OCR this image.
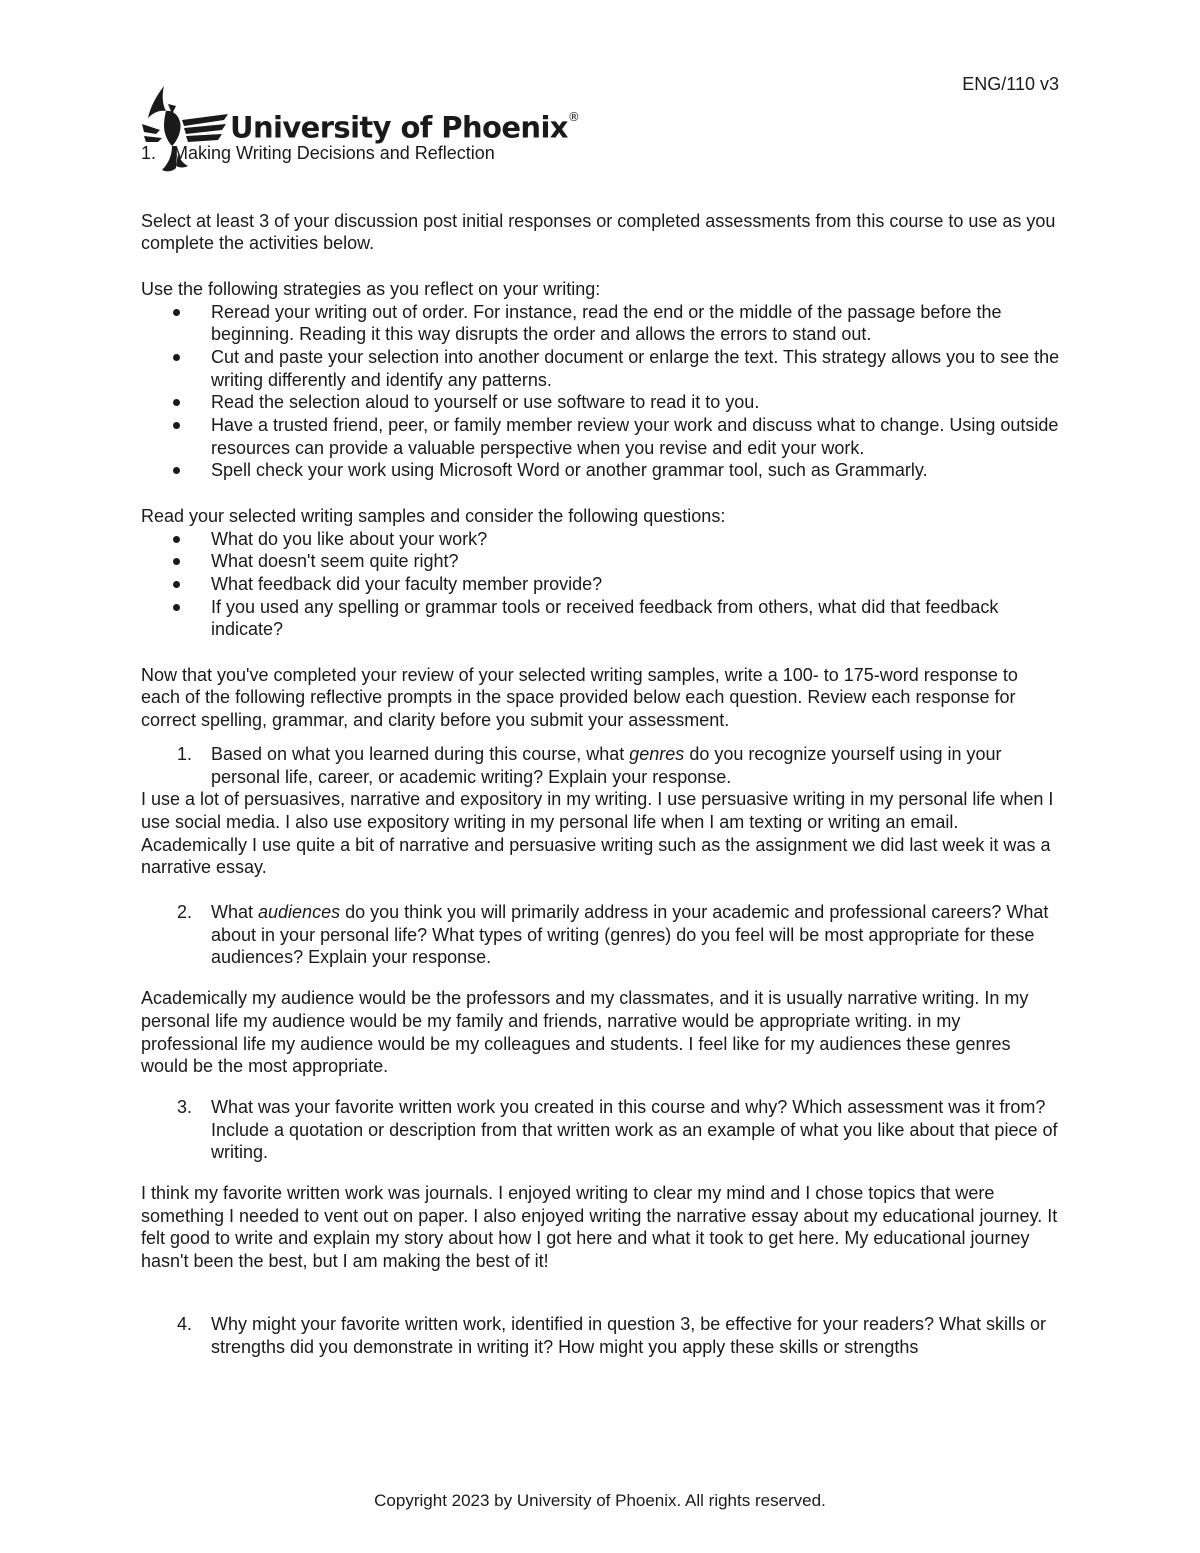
ENG/110 v3
University of Phoenix®
1. Making Writing Decisions and Reflection

Select at least 3 of your discussion post initial responses or completed assessments from this course to use as you complete the activities below.

Use the following strategies as you reflect on your writing:

Reread your writing out of order. For instance, read the end or the middle of the passage before the beginning. Reading it this way disrupts the order and allows the errors to stand out.
Cut and paste your selection into another document or enlarge the text. This strategy allows you to see the writing differently and identify any patterns.
Read the selection aloud to yourself or use software to read it to you.
Have a trusted friend, peer, or family member review your work and discuss what to change. Using outside resources can provide a valuable perspective when you revise and edit your work.
Spell check your work using Microsoft Word or another grammar tool, such as Grammarly.

Read your selected writing samples and consider the following questions:

What do you like about your work?
What doesn't seem quite right?
What feedback did your faculty member provide?
If you used any spelling or grammar tools or received feedback from others, what did that feedback indicate?

Now that you've completed your review of your selected writing samples, write a 100- to 175-word response to each of the following reflective prompts in the space provided below each question. Review each response for correct spelling, grammar, and clarity before you submit your assessment.

1. Based on what you learned during this course, what genres do you recognize yourself using in your personal life, career, or academic writing? Explain your response.

I use a lot of persuasives, narrative and expository in my writing. I use persuasive writing in my personal life when I use social media. I also use expository writing in my personal life when I am texting or writing an email. Academically I use quite a bit of narrative and persuasive writing such as the assignment we did last week it was a narrative essay.

2. What audiences do you think you will primarily address in your academic and professional careers? What about in your personal life? What types of writing (genres) do you feel will be most appropriate for these audiences? Explain your response.

Academically my audience would be the professors and my classmates, and it is usually narrative writing. In my personal life my audience would be my family and friends, narrative would be appropriate writing. in my professional life my audience would be my colleagues and students. I feel like for my audiences these genres would be the most appropriate.

3. What was your favorite written work you created in this course and why? Which assessment was it from? Include a quotation or description from that written work as an example of what you like about that piece of writing.

I think my favorite written work was journals. I enjoyed writing to clear my mind and I chose topics that were something I needed to vent out on paper. I also enjoyed writing the narrative essay about my educational journey. It felt good to write and explain my story about how I got here and what it took to get here. My educational journey hasn't been the best, but I am making the best of it!

4. Why might your favorite written work, identified in question 3, be effective for your readers? What skills or strengths did you demonstrate in writing it? How might you apply these skills or strengths
Copyright 2023 by University of Phoenix. All rights reserved.
